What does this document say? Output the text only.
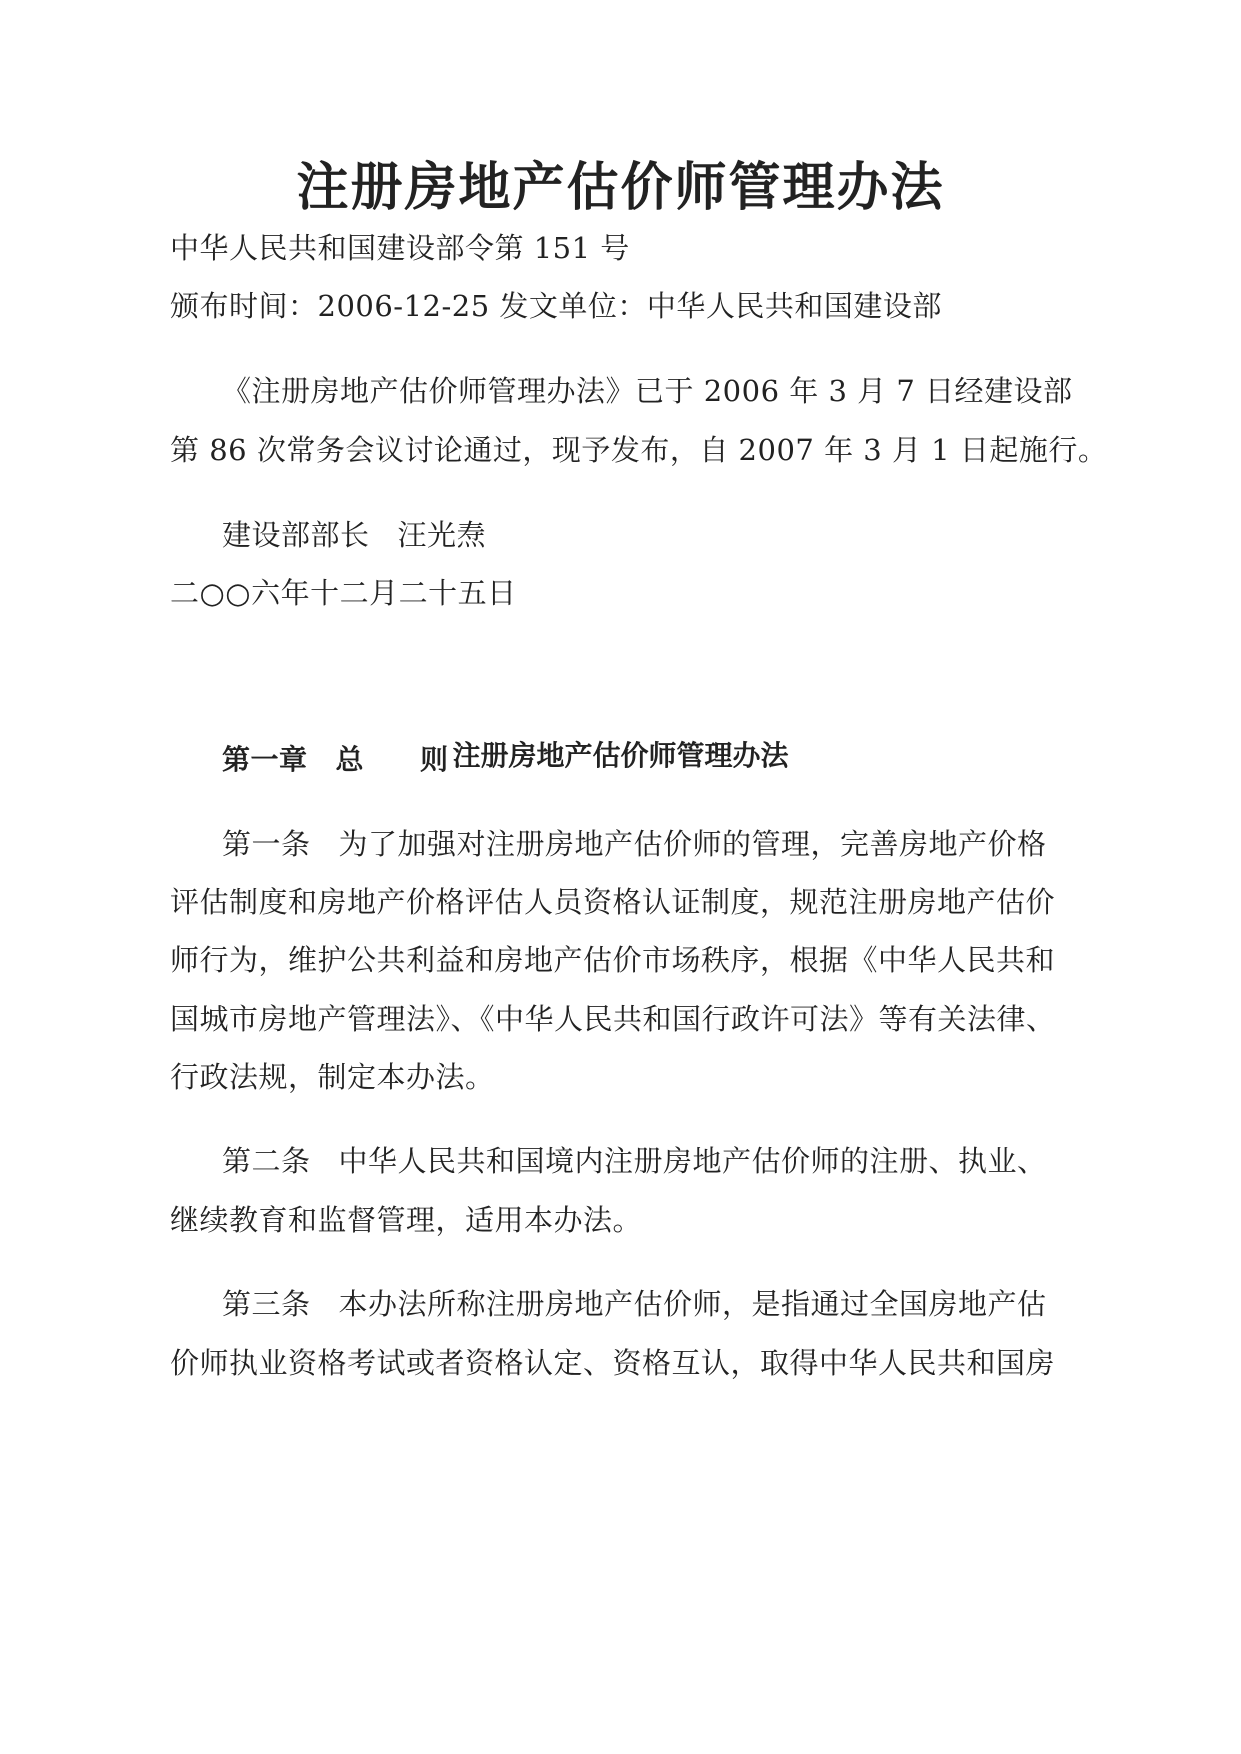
注册房地产估价师管理办法
中华人民共和国建设部令第 151 号
颁布时间：2006-12-25 发文单位：中华人民共和国建设部
《注册房地产估价师管理办法》已于 2006 年 3 月 7 日经建设部
第 86 次常务会议讨论通过，现予发布，自 2007 年 3 月 1 日起施行。
建设部部长 汪光焘
二○○六年十二月二十五日
注册房地产估价师管理办法
第一章 总 则
第一条 为了加强对注册房地产估价师的管理，完善房地产价格
评估制度和房地产价格评估人员资格认证制度，规范注册房地产估价
师行为，维护公共利益和房地产估价市场秩序，根据《中华人民共和
国城市房地产管理法》、《中华人民共和国行政许可法》等有关法律、
行政法规，制定本办法。
第二条 中华人民共和国境内注册房地产估价师的注册、执业、
继续教育和监督管理，适用本办法。
第三条 本办法所称注册房地产估价师，是指通过全国房地产估
价师执业资格考试或者资格认定、资格互认，取得中华人民共和国房
